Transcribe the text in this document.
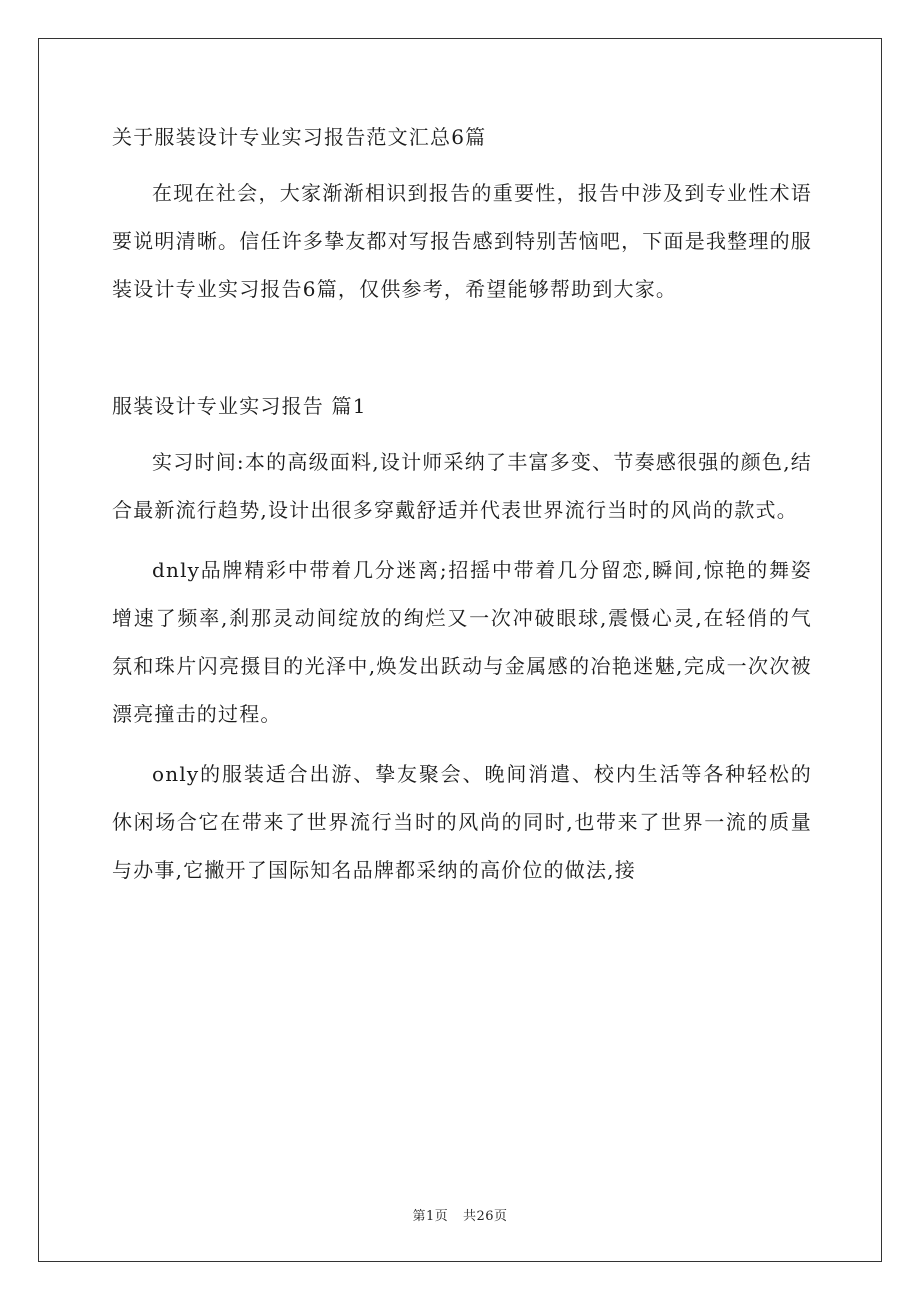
关于服装设计专业实习报告范文汇总6篇

在现在社会，大家渐渐相识到报告的重要性，报告中涉及到专业性术语要说明清晰。信任许多挚友都对写报告感到特别苦恼吧，下面是我整理的服装设计专业实习报告6篇，仅供参考，希望能够帮助到大家。

服装设计专业实习报告 篇1

实习时间:本的高级面料,设计师采纳了丰富多变、节奏感很强的颜色,结合最新流行趋势,设计出很多穿戴舒适并代表世界流行当时的风尚的款式。

dnly品牌精彩中带着几分迷离;招摇中带着几分留恋,瞬间,惊艳的舞姿增速了频率,刹那灵动间绽放的绚烂又一次冲破眼球,震慑心灵,在轻俏的气氛和珠片闪亮摄目的光泽中,焕发出跃动与金属感的冶艳迷魅,完成一次次被漂亮撞击的过程。

only的服装适合出游、挚友聚会、晚间消遣、校内生活等各种轻松的休闲场合它在带来了世界流行当时的风尚的同时,也带来了世界一流的质量与办事,它撇开了国际知名品牌都采纳的高价位的做法,接

第1页 共26页
